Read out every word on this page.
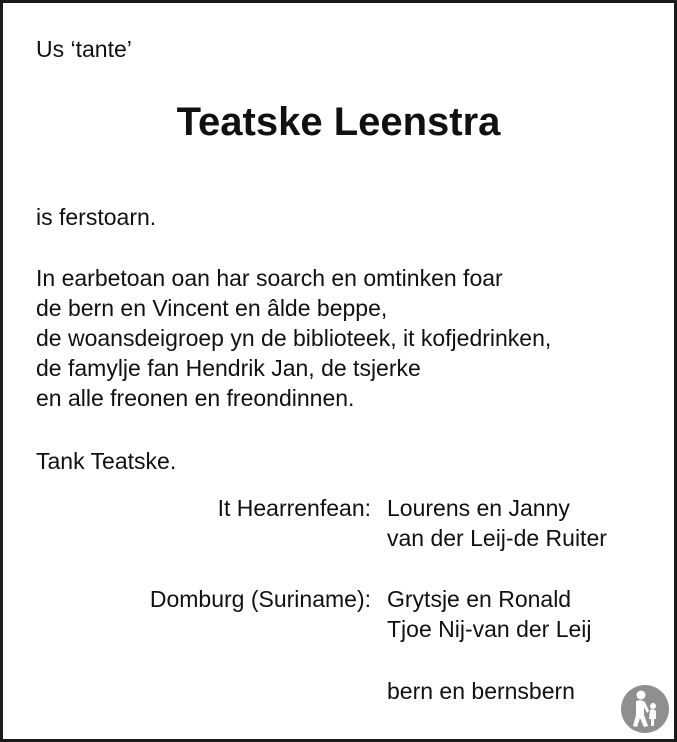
Us ‘tante’
Teatske Leenstra
is ferstoarn.
In earbetoan oan har soarch en omtinken foar
de bern en Vincent en âlde beppe,
de woansdeigroep yn de biblioteek, it kofjedrinken,
de famylje fan Hendrik Jan, de tsjerke
en alle freonen en freondinnen.
Tank Teatske.
It Hearrenfean: Lourens en Janny
van der Leij-de Ruiter
Domburg (Suriname): Grytsje en Ronald
Tjoe Nij-van der Leij
bern en bernsbern
